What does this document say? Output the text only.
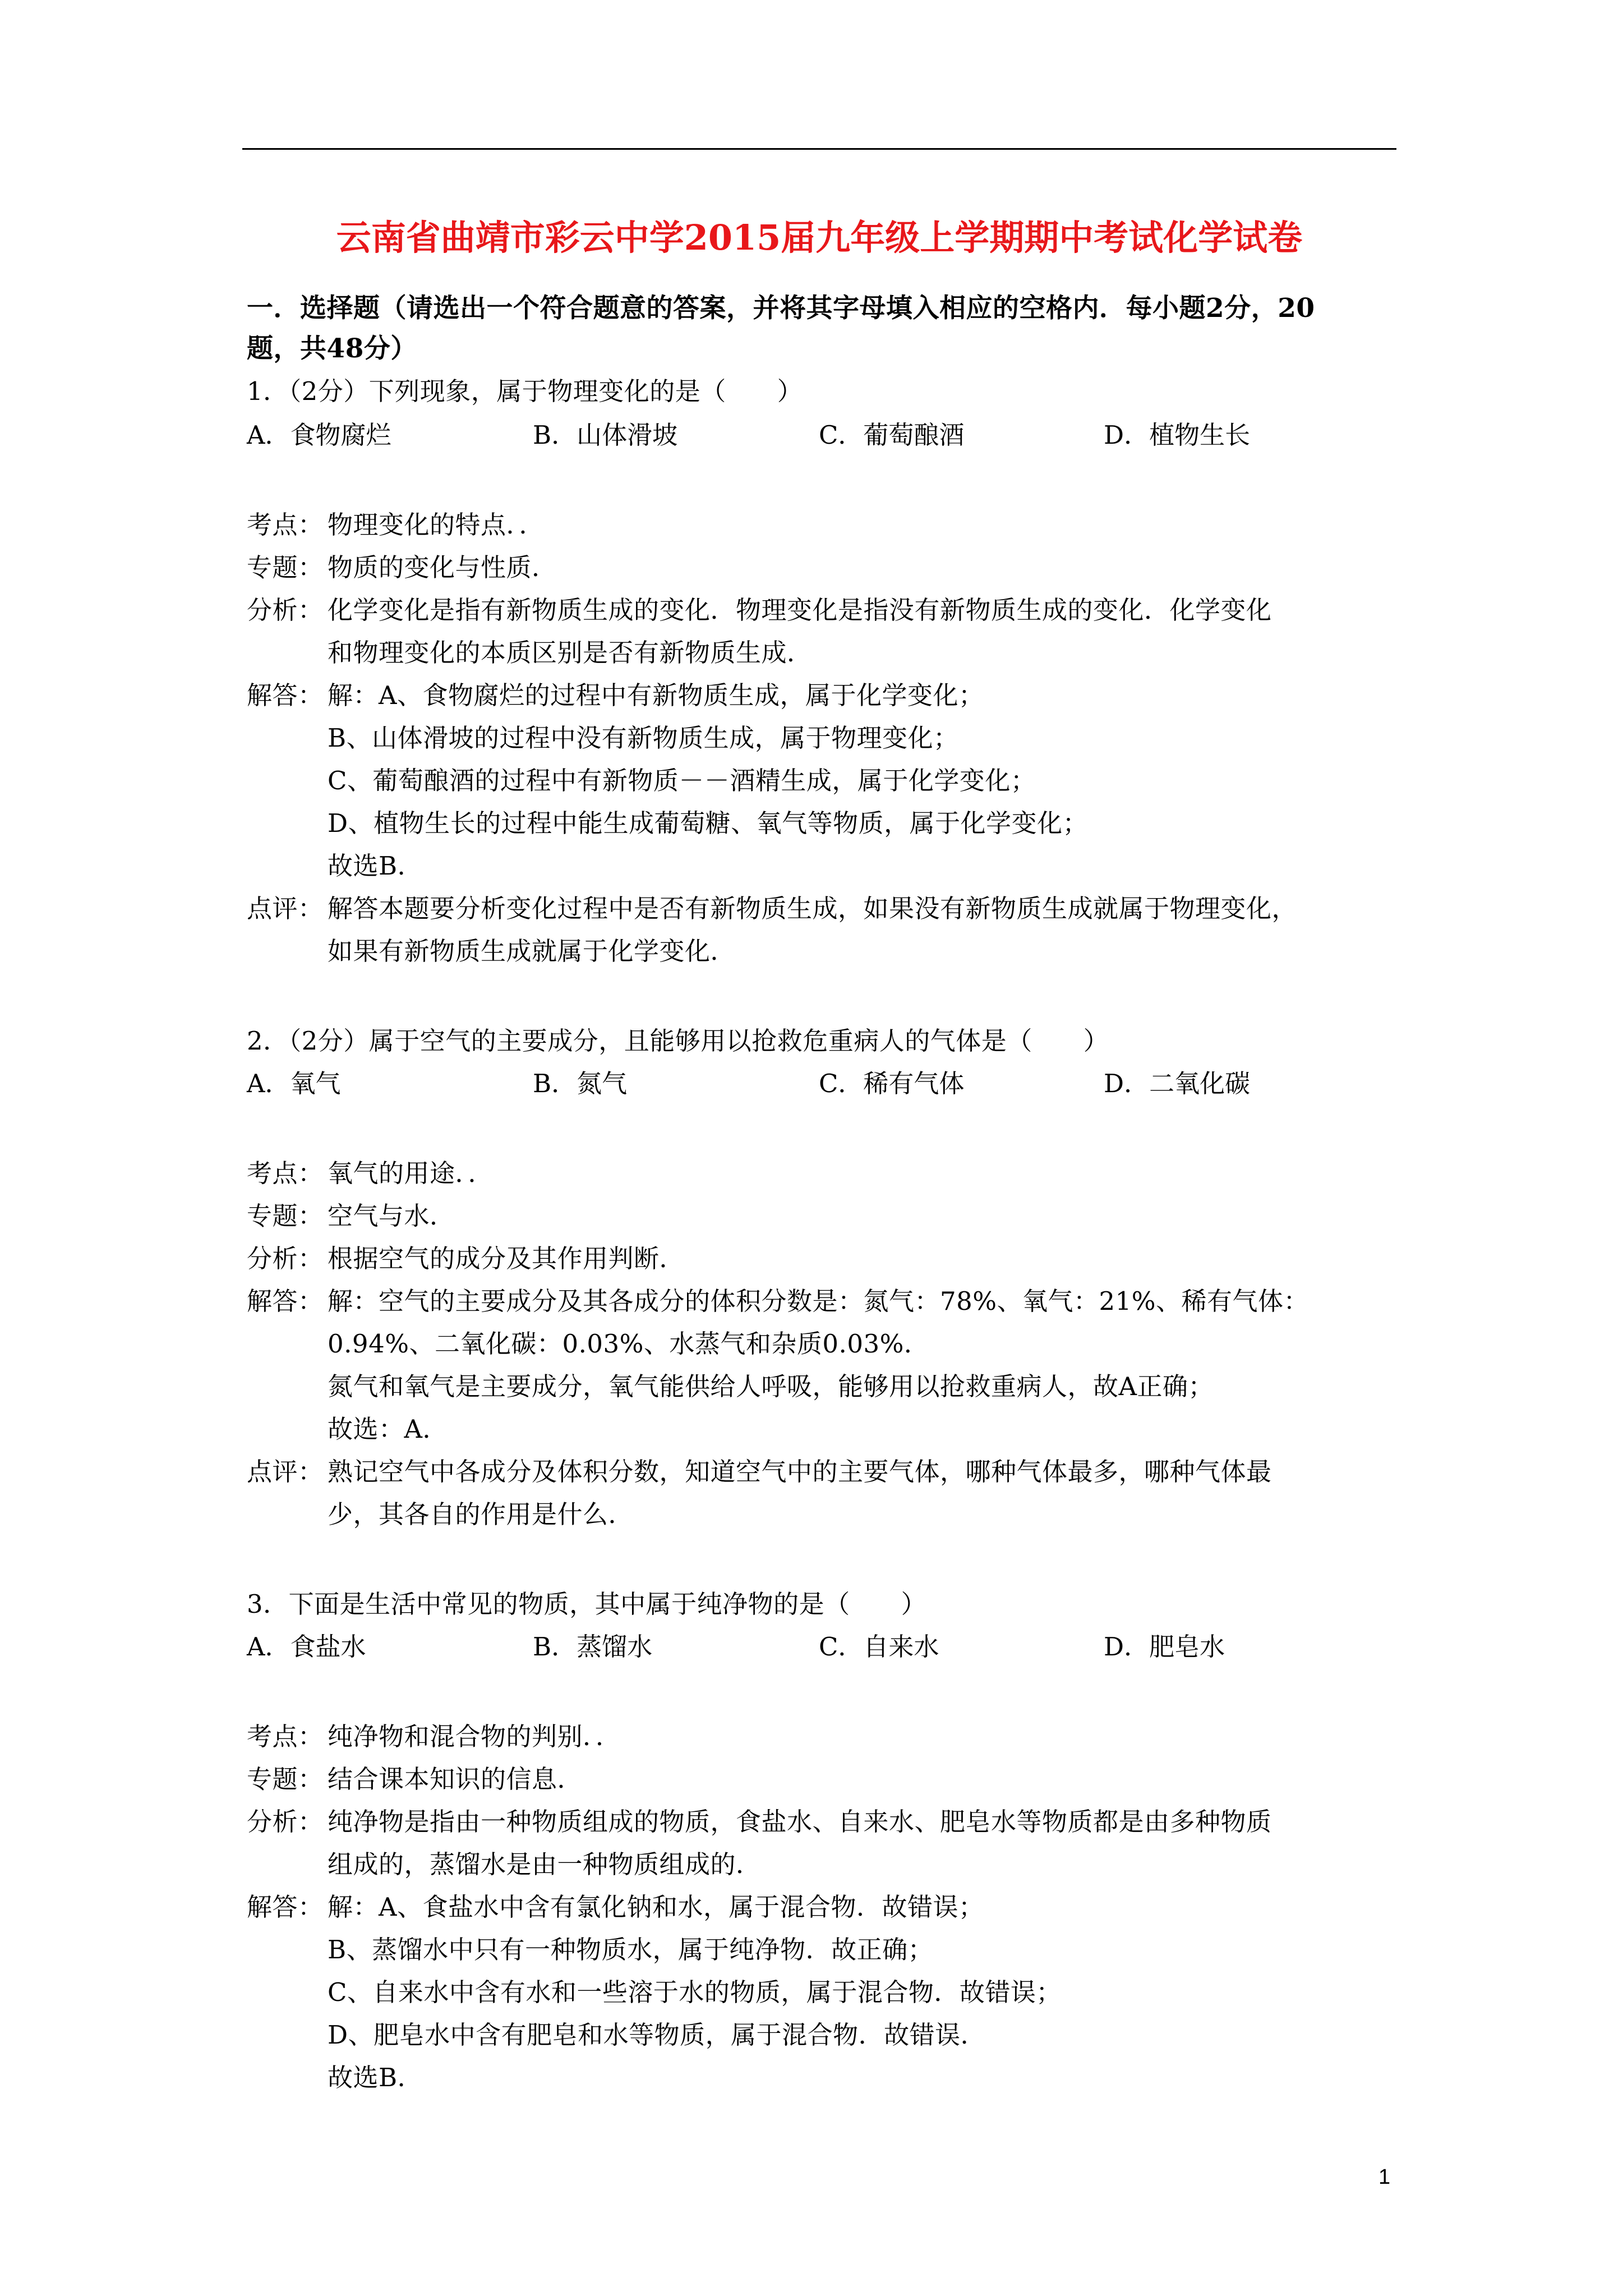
云南省曲靖市彩云中学2015届九年级上学期期中考试化学试卷
一．选择题（请选出一个符合题意的答案，并将其字母填入相应的空格内．每小题2分，20
题，共48分）
1．（2分）下列现象，属于物理变化的是（　　）
A．食物腐烂	B．山体滑坡	C．葡萄酿酒	D．植物生长
考点： 物理变化的特点．．
专题： 物质的变化与性质．
分析： 化学变化是指有新物质生成的变化．物理变化是指没有新物质生成的变化．化学变化
和物理变化的本质区别是否有新物质生成．
解答： 解：A、食物腐烂的过程中有新物质生成，属于化学变化；
B、山体滑坡的过程中没有新物质生成，属于物理变化；
C、葡萄酿酒的过程中有新物质－－酒精生成，属于化学变化；
D、植物生长的过程中能生成葡萄糖、氧气等物质，属于化学变化；
故选B．
点评： 解答本题要分析变化过程中是否有新物质生成，如果没有新物质生成就属于物理变化，
如果有新物质生成就属于化学变化．
2．（2分）属于空气的主要成分，且能够用以抢救危重病人的气体是（　　）
A．氧气	B．氮气	C．稀有气体	D．二氧化碳
考点： 氧气的用途．．
专题： 空气与水．
分析： 根据空气的成分及其作用判断．
解答： 解：空气的主要成分及其各成分的体积分数是：氮气：78%、氧气：21%、稀有气体：
0.94%、二氧化碳：0.03%、水蒸气和杂质0.03%．
氮气和氧气是主要成分，氧气能供给人呼吸，能够用以抢救重病人，故A正确；
故选：A．
点评： 熟记空气中各成分及体积分数，知道空气中的主要气体，哪种气体最多，哪种气体最
少，其各自的作用是什么．
3．下面是生活中常见的物质，其中属于纯净物的是（　　）
A．食盐水	B．蒸馏水	C．自来水	D．肥皂水
考点： 纯净物和混合物的判别．．
专题： 结合课本知识的信息．
分析： 纯净物是指由一种物质组成的物质，食盐水、自来水、肥皂水等物质都是由多种物质
组成的，蒸馏水是由一种物质组成的．
解答： 解：A、食盐水中含有氯化钠和水，属于混合物．故错误；
B、蒸馏水中只有一种物质水，属于纯净物．故正确；
C、自来水中含有水和一些溶于水的物质，属于混合物．故错误；
D、肥皂水中含有肥皂和水等物质，属于混合物．故错误．
故选B．
1
